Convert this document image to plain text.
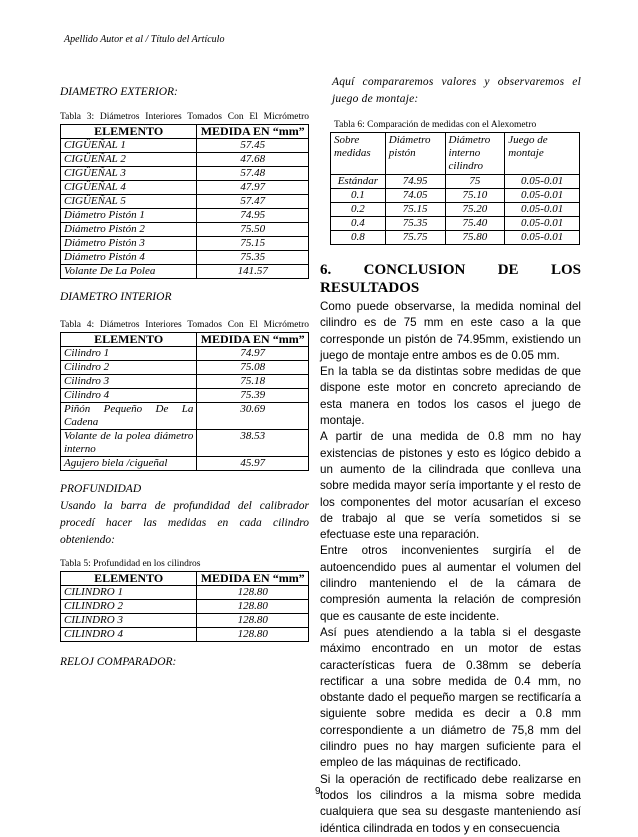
Apellido Autor et al / Título del Artículo

DIAMETRO EXTERIOR:

Tabla 3: Diámetros Interiores Tomados Con El Micrómetro

ELEMENTO	MEDIDA EN “mm”
CIGÜEÑAL 1	57.45
CIGÜEÑAL 2	47.68
CIGÜEÑAL 3	57.48
CIGÜEÑAL 4	47.97
CIGÜEÑAL 5	57.47
Diámetro Pistón 1	74.95
Diámetro Pistón 2	75.50
Diámetro Pistón 3	75.15
Diámetro Pistón 4	75.35
Volante De La Polea	141.57

DIAMETRO INTERIOR

Tabla 4: Diámetros Interiores Tomados Con El Micrómetro

ELEMENTO	MEDIDA EN “mm”
Cilindro 1	74.97
Cilindro 2	75.08
Cilindro 3	75.18
Cilindro 4	75.39
Piñón Pequeño De La Cadena	30.69
Volante de la polea diámetro interno	38.53
Agujero biela /cigueñal	45.97

PROFUNDIDAD

Usando la barra de profundidad del calibrador procedí hacer las medidas en cada cilindro obteniendo:

Tabla 5: Profundidad en los cilindros

ELEMENTO	MEDIDA EN “mm”
CILINDRO 1	128.80
CILINDRO 2	128.80
CILINDRO 3	128.80
CILINDRO 4	128.80

RELOJ COMPARADOR:

Aquí compararemos valores y observaremos el juego de montaje:

Tabla 6: Comparación de medidas con el Alexometro

Sobre medidas	Diámetro pistón	Diámetro interno cilindro	Juego de montaje
Estándar	74.95	75	0.05-0.01
0.1	74.05	75.10	0.05-0.01
0.2	75.15	75.20	0.05-0.01
0.4	75.35	75.40	0.05-0.01
0.8	75.75	75.80	0.05-0.01
6. CONCLUSION DE LOS
RESULTADOS

Como puede observarse, la medida nominal del cilindro es de 75 mm en este caso a la que corresponde un pistón de 74.95mm, existiendo un juego de montaje entre ambos es de 0.05 mm.

En la tabla se da distintas sobre medidas de que dispone este motor en concreto apreciando de esta manera en todos los casos el juego de montaje.

A partir de una medida de 0.8 mm no hay existencias de pistones y esto es lógico debido a un aumento de la cilindrada que conlleva una sobre medida mayor sería importante y el resto de los componentes del motor acusarían el exceso de trabajo al que se vería sometidos si se efectuase este una reparación.

Entre otros inconvenientes surgiría el de autoencendido pues al aumentar el volumen del cilindro manteniendo el de la cámara de compresión aumenta la relación de compresión que es causante de este incidente.

Así pues atendiendo a la tabla si el desgaste máximo encontrado en un motor de estas características fuera de 0.38mm se debería rectificar a una sobre medida de 0.4 mm, no obstante dado el pequeño margen se rectificaría a siguiente sobre medida es decir a 0.8 mm correspondiente a un diámetro de 75,8 mm del cilindro pues no hay margen suficiente para el empleo de las máquinas de rectificado.

Si la operación de rectificado debe realizarse en todos los cilindros a la misma sobre medida cualquiera que sea su desgaste manteniendo así idéntica cilindrada en todos y en consecuencia

9
